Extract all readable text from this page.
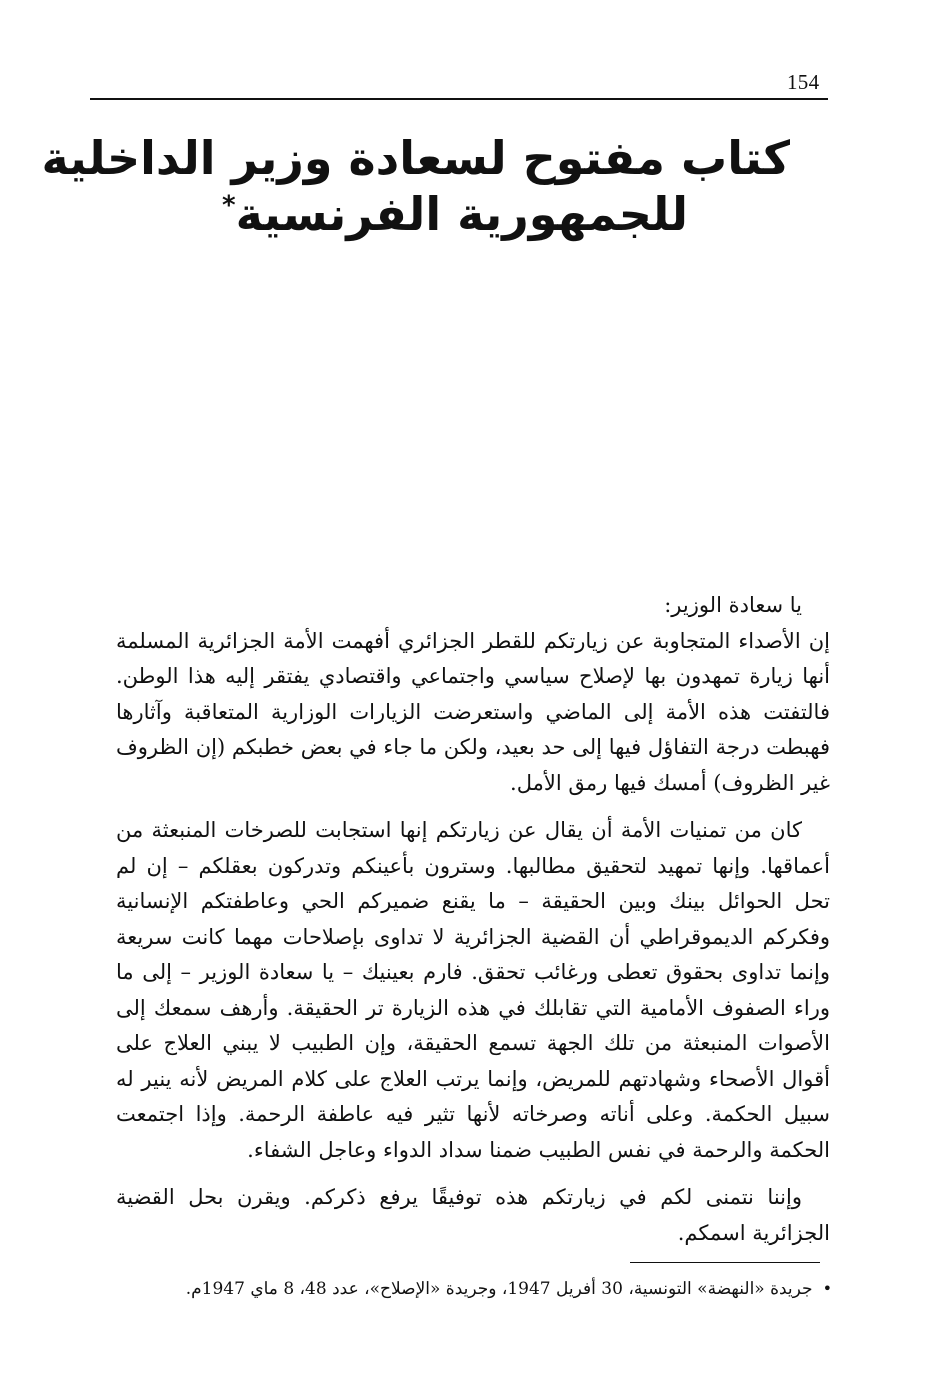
154
كتاب مفتوح لسعادة وزير الداخلية
للجمهورية الفرنسية*

يا سعادة الوزير:

إن الأصداء المتجاوبة عن زيارتكم للقطر الجزائري أفهمت الأمة الجزائرية المسلمة أنها زيارة تمهدون بها لإصلاح سياسي واجتماعي واقتصادي يفتقر إليه هذا الوطن. فالتفتت هذه الأمة إلى الماضي واستعرضت الزيارات الوزارية المتعاقبة وآثارها فهبطت درجة التفاؤل فيها إلى حد بعيد، ولكن ما جاء في بعض خطبكم (إن الظروف غير الظروف) أمسك فيها رمق الأمل.

كان من تمنيات الأمة أن يقال عن زيارتكم إنها استجابت للصرخات المنبعثة من أعماقها. وإنها تمهيد لتحقيق مطالبها. وسترون بأعينكم وتدركون بعقلكم – إن لم تحل الحوائل بينك وبين الحقيقة – ما يقنع ضميركم الحي وعاطفتكم الإنسانية وفكركم الديموقراطي أن القضية الجزائرية لا تداوى بإصلاحات مهما كانت سريعة وإنما تداوى بحقوق تعطى ورغائب تحقق. فارم بعينيك – يا سعادة الوزير – إلى ما وراء الصفوف الأمامية التي تقابلك في هذه الزيارة تر الحقيقة. وأرهف سمعك إلى الأصوات المنبعثة من تلك الجهة تسمع الحقيقة، وإن الطبيب لا يبني العلاج على أقوال الأصحاء وشهادتهم للمريض، وإنما يرتب العلاج على كلام المريض لأنه ينير له سبيل الحكمة. وعلى أناته وصرخاته لأنها تثير فيه عاطفة الرحمة. وإذا اجتمعت الحكمة والرحمة في نفس الطبيب ضمنا سداد الدواء وعاجل الشفاء.

وإننا نتمنى لكم في زيارتكم هذه توفيقًا يرفع ذكركم. ويقرن بحل القضية الجزائرية اسمكم.

•جريدة «النهضة» التونسية، 30 أفريل 1947، وجريدة «الإصلاح»، عدد 48، 8 ماي 1947م.
